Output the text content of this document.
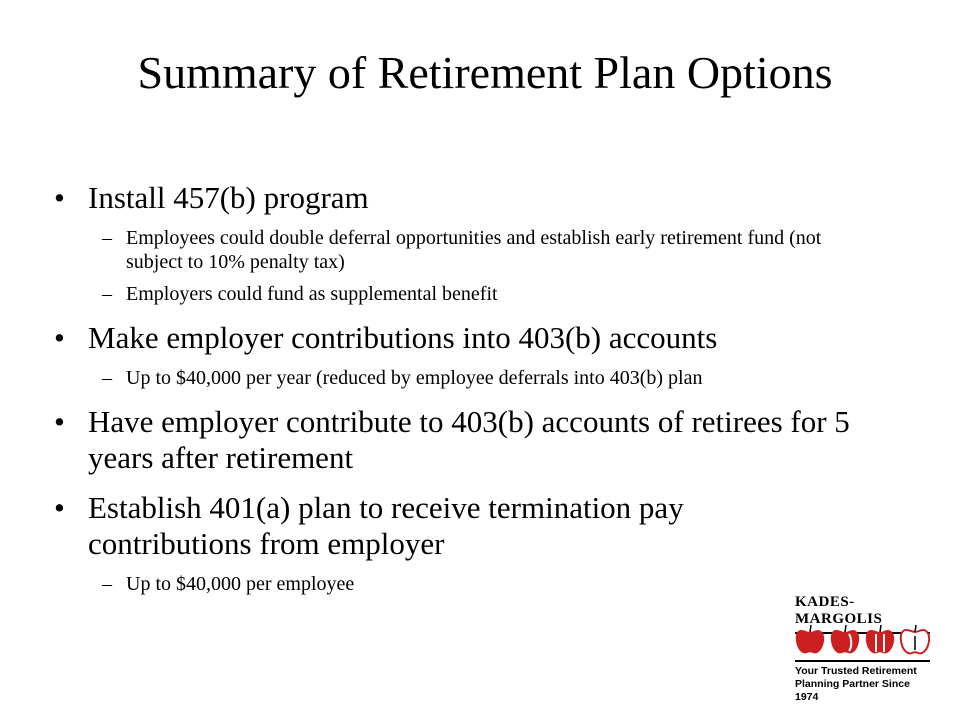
Summary of Retirement Plan Options
• Install 457(b) program
– Employees could double deferral opportunities and establish early retirement fund (not subject to 10% penalty tax)
– Employers could fund as supplemental benefit
• Make employer contributions into 403(b) accounts
– Up to $40,000 per year (reduced by employee deferrals into 403(b) plan
• Have employer contribute to 403(b) accounts of retirees for 5 years after retirement
• Establish 401(a) plan to receive termination pay contributions from employer
– Up to $40,000 per employee
KADES-MARGOLIS
Your Trusted Retirement
Planning Partner Since 1974
